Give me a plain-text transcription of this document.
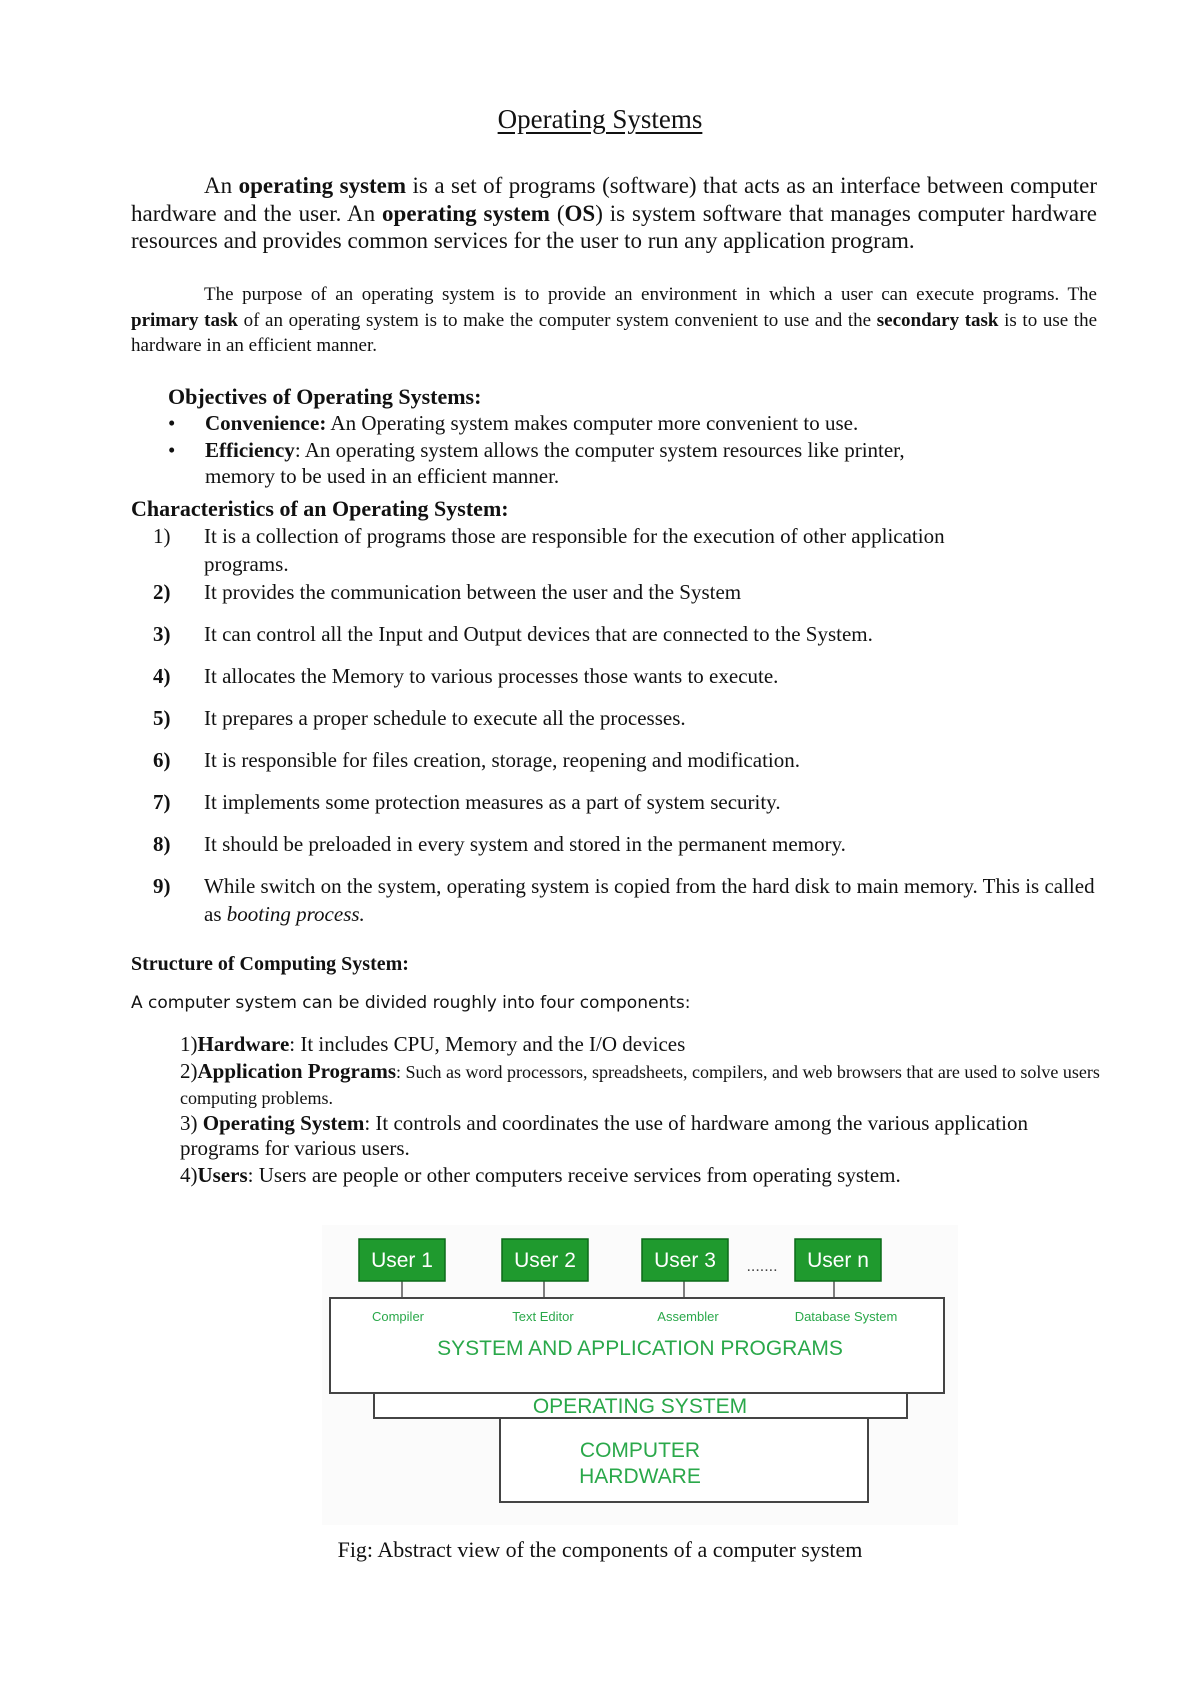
Operating Systems
An operating system is a set of programs (software) that acts as an interface between computer hardware and the user. An operating system (OS) is system software that manages computer hardware resources and provides common services for the user to run any application program.
The purpose of an operating system is to provide an environment in which a user can execute programs. The primary task of an operating system is to make the computer system convenient to use and the secondary task is to use the hardware in an efficient manner.
Objectives of Operating Systems:
•	Convenience: An Operating system makes computer more convenient to use.
•	Efficiency: An operating system allows the computer system resources like printer, memory to be used in an efficient manner.
Characteristics of an Operating System:
1)	It is a collection of programs those are responsible for the execution of other application programs.
2)	It provides the communication between the user and the System
3)	It can control all the Input and Output devices that are connected to the System.
4)	It allocates the Memory to various processes those wants to execute.
5)	It prepares a proper schedule to execute all the processes.
6)	It is responsible for files creation, storage, reopening and modification.
7)	It implements some protection measures as a part of system security.
8)	It should be preloaded in every system and stored in the permanent memory.
9)	While switch on the system, operating system is copied from the hard disk to main memory. This is called as booting process.
Structure of Computing System:
A computer system can be divided roughly into four components:
1)Hardware: It includes CPU, Memory and the I/O devices
2)Application Programs: Such as word processors, spreadsheets, compilers, and web browsers that are used to solve users computing problems.
3) Operating System: It controls and coordinates the use of hardware among the various application programs for various users.
4)Users: Users are people or other computers receive services from operating system.
User 1	User 2	User 3 ....... User n
Compiler	Text Editor	Assembler	Database System
SYSTEM AND APPLICATION PROGRAMS
OPERATING SYSTEM
COMPUTER
HARDWARE
Fig: Abstract view of the components of a computer system
